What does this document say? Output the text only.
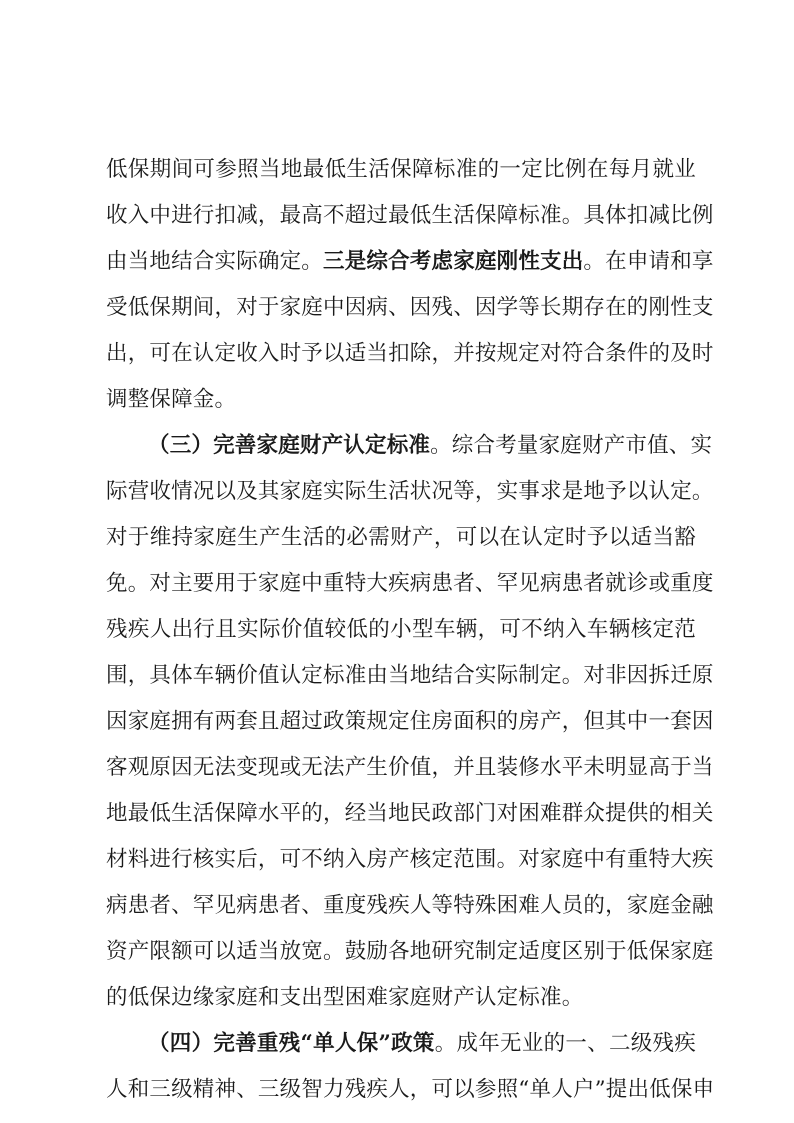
低保期间可参照当地最低生活保障标准的一定比例在每月就业
收入中进行扣减，最高不超过最低生活保障标准。具体扣减比例
由当地结合实际确定。三是综合考虑家庭刚性支出。在申请和享
受低保期间，对于家庭中因病、因残、因学等长期存在的刚性支
出，可在认定收入时予以适当扣除，并按规定对符合条件的及时
调整保障金。
（三）完善家庭财产认定标准。综合考量家庭财产市值、实
际营收情况以及其家庭实际生活状况等，实事求是地予以认定。
对于维持家庭生产生活的必需财产，可以在认定时予以适当豁
免。对主要用于家庭中重特大疾病患者、罕见病患者就诊或重度
残疾人出行且实际价值较低的小型车辆，可不纳入车辆核定范
围，具体车辆价值认定标准由当地结合实际制定。对非因拆迁原
因家庭拥有两套且超过政策规定住房面积的房产，但其中一套因
客观原因无法变现或无法产生价值，并且装修水平未明显高于当
地最低生活保障水平的，经当地民政部门对困难群众提供的相关
材料进行核实后，可不纳入房产核定范围。对家庭中有重特大疾
病患者、罕见病患者、重度残疾人等特殊困难人员的，家庭金融
资产限额可以适当放宽。鼓励各地研究制定适度区别于低保家庭
的低保边缘家庭和支出型困难家庭财产认定标准。
（四）完善重残“单人保”政策。成年无业的一、二级残疾
人和三级精神、三级智力残疾人，可以参照“单人户”提出低保申
